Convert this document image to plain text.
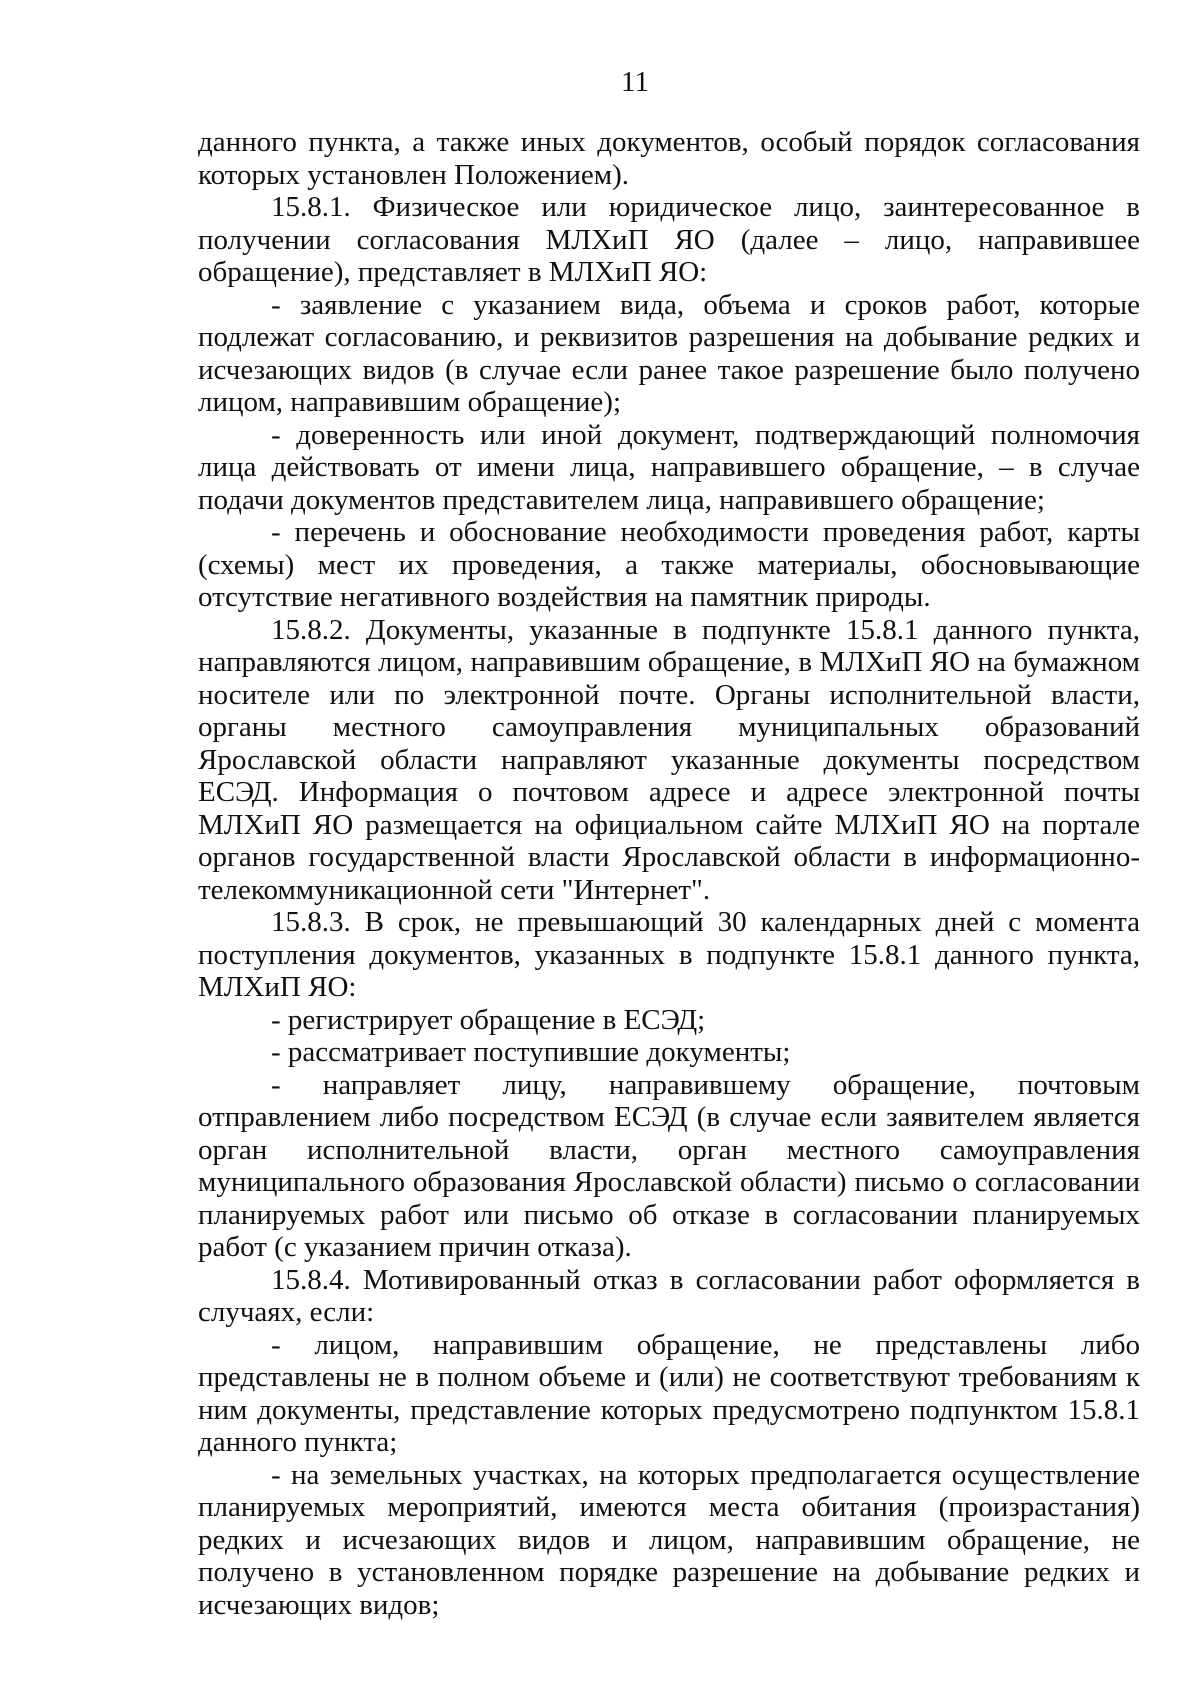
11

данного пункта, а также иных документов, особый порядок согласования которых установлен Положением).

15.8.1. Физическое или юридическое лицо, заинтересованное в получении согласования МЛХиП ЯО (далее – лицо, направившее обращение), представляет в МЛХиП ЯО:

- заявление с указанием вида, объема и сроков работ, которые подлежат согласованию, и реквизитов разрешения на добывание редких и исчезающих видов (в случае если ранее такое разрешение было получено лицом, направившим обращение);

- доверенность или иной документ, подтверждающий полномочия лица действовать от имени лица, направившего обращение, – в случае подачи документов представителем лица, направившего обращение;

- перечень и обоснование необходимости проведения работ, карты (схемы) мест их проведения, а также материалы, обосновывающие отсутствие негативного воздействия на памятник природы.

15.8.2. Документы, указанные в подпункте 15.8.1 данного пункта, направляются лицом, направившим обращение, в МЛХиП ЯО на бумажном носителе или по электронной почте. Органы исполнительной власти, органы местного самоуправления муниципальных образований Ярославской области направляют указанные документы посредством ЕСЭД. Информация о почтовом адресе и адресе электронной почты МЛХиП ЯО размещается на официальном сайте МЛХиП ЯО на портале органов государственной власти Ярославской области в информационно-телекоммуникационной сети "Интернет".

15.8.3. В срок, не превышающий 30 календарных дней с момента поступления документов, указанных в подпункте 15.8.1 данного пункта, МЛХиП ЯО:

- регистрирует обращение в ЕСЭД;

- рассматривает поступившие документы;

- направляет лицу, направившему обращение, почтовым отправлением либо посредством ЕСЭД (в случае если заявителем является орган исполнительной власти, орган местного самоуправления муниципального образования Ярославской области) письмо о согласовании планируемых работ или письмо об отказе в согласовании планируемых работ (с указанием причин отказа).

15.8.4. Мотивированный отказ в согласовании работ оформляется в случаях, если:

- лицом, направившим обращение, не представлены либо представлены не в полном объеме и (или) не соответствуют требованиям к ним документы, представление которых предусмотрено подпунктом 15.8.1 данного пункта;

- на земельных участках, на которых предполагается осуществление планируемых мероприятий, имеются места обитания (произрастания) редких и исчезающих видов и лицом, направившим обращение, не получено в установленном порядке разрешение на добывание редких и исчезающих видов;
